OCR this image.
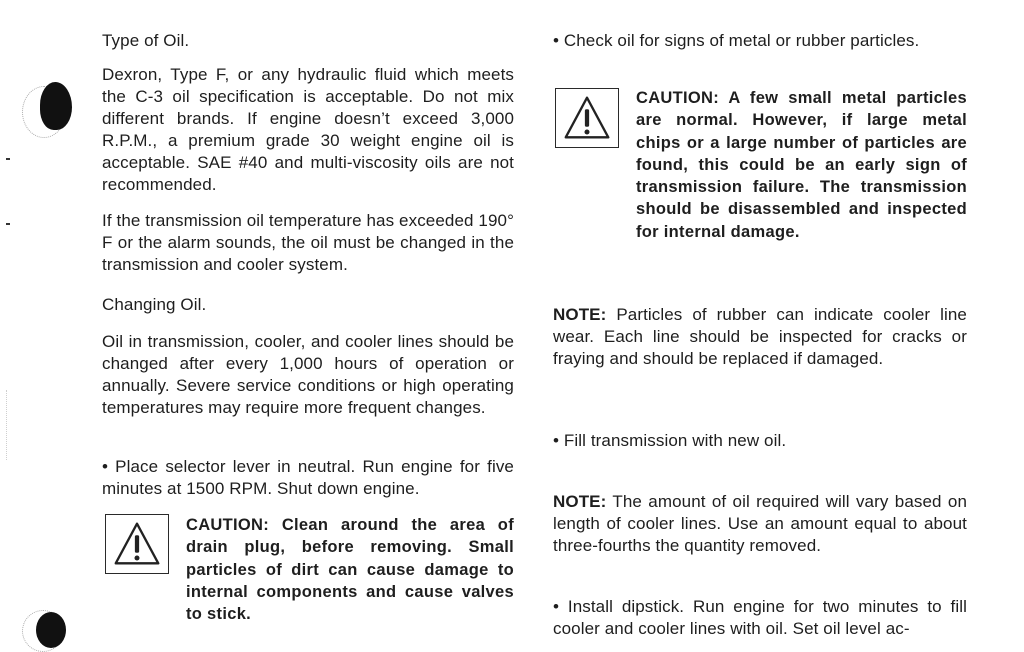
Type of Oil.

Dexron, Type F, or any hydraulic fluid which meets the C-3 oil specification is acceptable. Do not mix different brands. If engine doesn’t exceed 3,000 R.P.M., a premium grade 30 weight engine oil is acceptable. SAE #40 and multi-viscosity oils are not recommended.

If the transmission oil temperature has exceeded 190° F or the alarm sounds, the oil must be changed in the transmission and cooler system.

Changing Oil.

Oil in transmission, cooler, and cooler lines should be changed after every 1,000 hours of operation or annually. Severe service conditions or high operating temperatures may require more frequent changes.

• Place selector lever in neutral. Run engine for five minutes at 1500 RPM. Shut down engine.

CAUTION: Clean around the area of drain plug, before removing. Small particles of dirt can cause damage to internal components and cause valves to stick.

• Check oil for signs of metal or rubber particles.

CAUTION: A few small metal particles are normal. However, if large metal chips or a large number of particles are found, this could be an early sign of transmission failure. The transmission should be disassembled and inspected for internal damage.

NOTE: Particles of rubber can indicate cooler line wear. Each line should be inspected for cracks or fraying and should be replaced if damaged.

• Fill transmission with new oil.

NOTE: The amount of oil required will vary based on length of cooler lines. Use an amount equal to about three-fourths the quantity removed.

• Install dipstick. Run engine for two minutes to fill cooler and cooler lines with oil. Set oil level ac-
